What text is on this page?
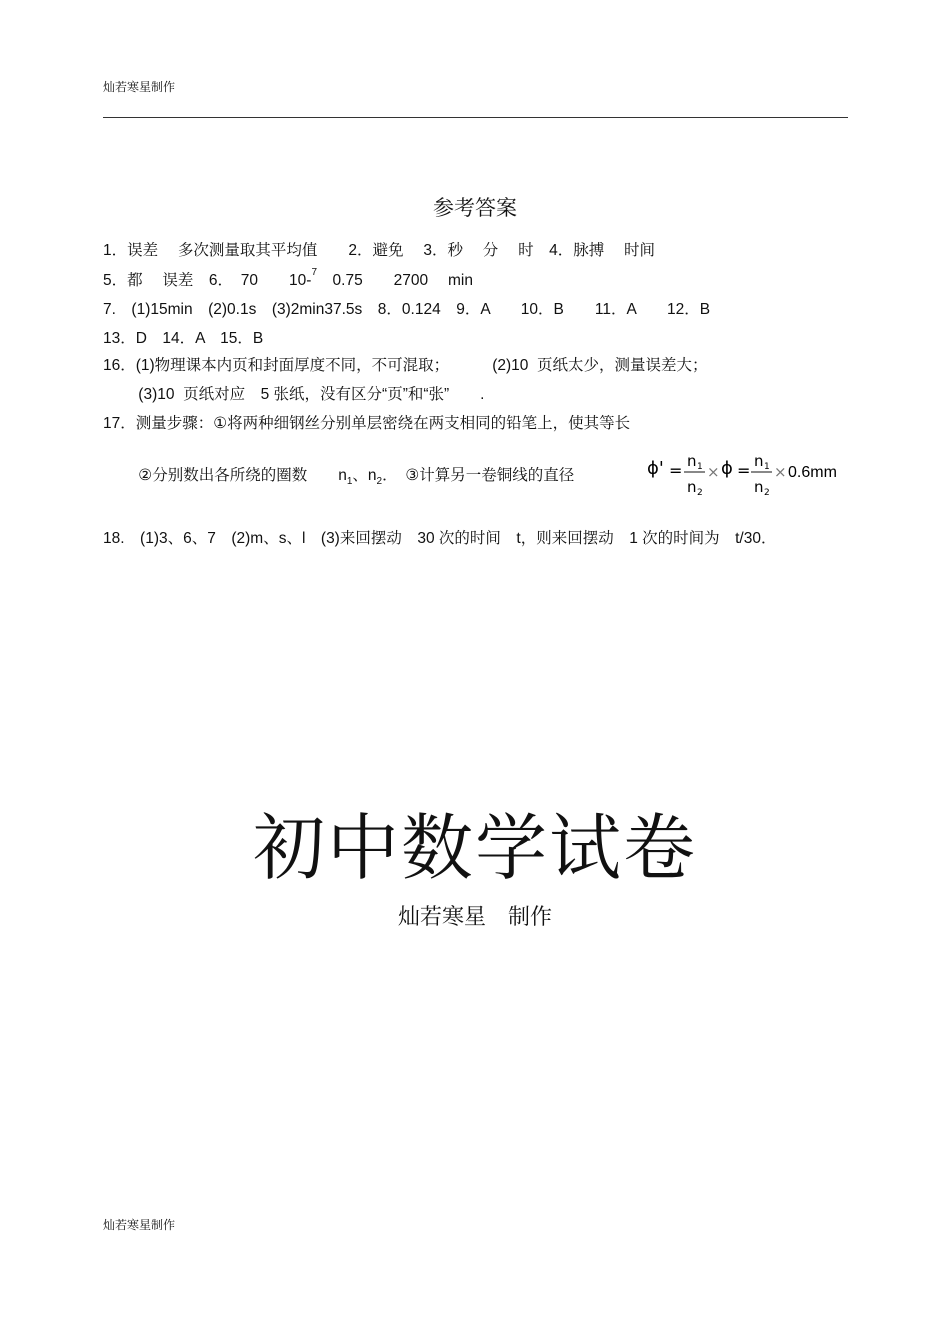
灿若寒星制作
参考答案
1．误差　 多次测量取其平均值　　2．避免　 3．秒　 分　 时　4．脉搏　 时间
5．都　 误差　6．　70　　10-$^7$　0.75　　2700　 min
7.　(1)15min　(2)0.1s　(3)2min37.5s　8．0.124　9．A　　10．B　　11．A　　12．B
13．D　14．A　15．B
16．(1)物理课本内页和封面厚度不同，不可混取；　　　 (2)10  页纸太少，测量误差大；
　　 (3)10  页纸对应　5 张纸，没有区分“页”和“张”　　.
17．测量步骤：①将两种细钢丝分别单层密绕在两支相同的铅笔上，使其等长
　　 ②分别数出各所绕的圈数　　$n_1$、$n_2$．　③计算另一卷铜线的直径	ϕ' = n 1
n 2
× ϕ = n 1
n 2
× 0.6mm
18.　(1)3、6、7　(2)m、s、l　(3)来回摆动　30 次的时间　t，则来回摆动　1 次的时间为　t/30．
初中数学试卷
灿若寒星　制作
灿若寒星制作
